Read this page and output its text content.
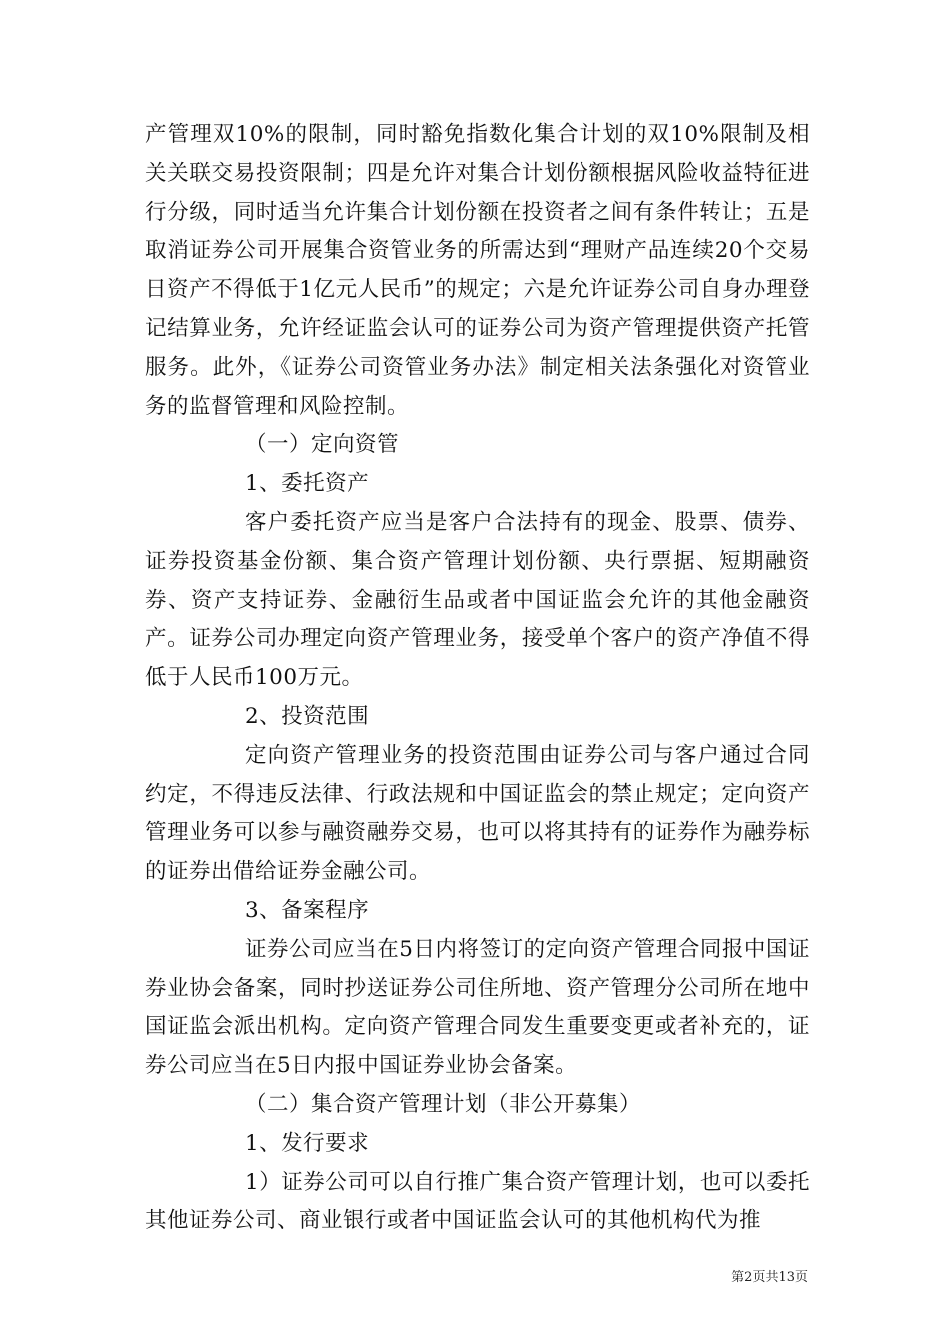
产管理双10%的限制，同时豁免指数化集合计划的双10%限制及相关关联交易投资限制；四是允许对集合计划份额根据风险收益特征进行分级，同时适当允许集合计划份额在投资者之间有条件转让；五是取消证券公司开展集合资管业务的所需达到“理财产品连续20个交易日资产不得低于1亿元人民币”的规定；六是允许证券公司自身办理登记结算业务，允许经证监会认可的证券公司为资产管理提供资产托管服务。此外，《证券公司资管业务办法》制定相关法条强化对资管业务的监督管理和风险控制。

（一）定向资管

1、委托资产

客户委托资产应当是客户合法持有的现金、股票、债券、证券投资基金份额、集合资产管理计划份额、央行票据、短期融资券、资产支持证券、金融衍生品或者中国证监会允许的其他金融资产。证券公司办理定向资产管理业务，接受单个客户的资产净值不得低于人民币100万元。

2、投资范围

定向资产管理业务的投资范围由证券公司与客户通过合同约定，不得违反法律、行政法规和中国证监会的禁止规定；定向资产管理业务可以参与融资融券交易，也可以将其持有的证券作为融券标的证券出借给证券金融公司。

3、备案程序

证券公司应当在5日内将签订的定向资产管理合同报中国证券业协会备案，同时抄送证券公司住所地、资产管理分公司所在地中国证监会派出机构。定向资产管理合同发生重要变更或者补充的，证券公司应当在5日内报中国证券业协会备案。

（二）集合资产管理计划（非公开募集）

1、发行要求

1）证券公司可以自行推广集合资产管理计划，也可以委托其他证券公司、商业银行或者中国证监会认可的其他机构代为推

第2页共13页
